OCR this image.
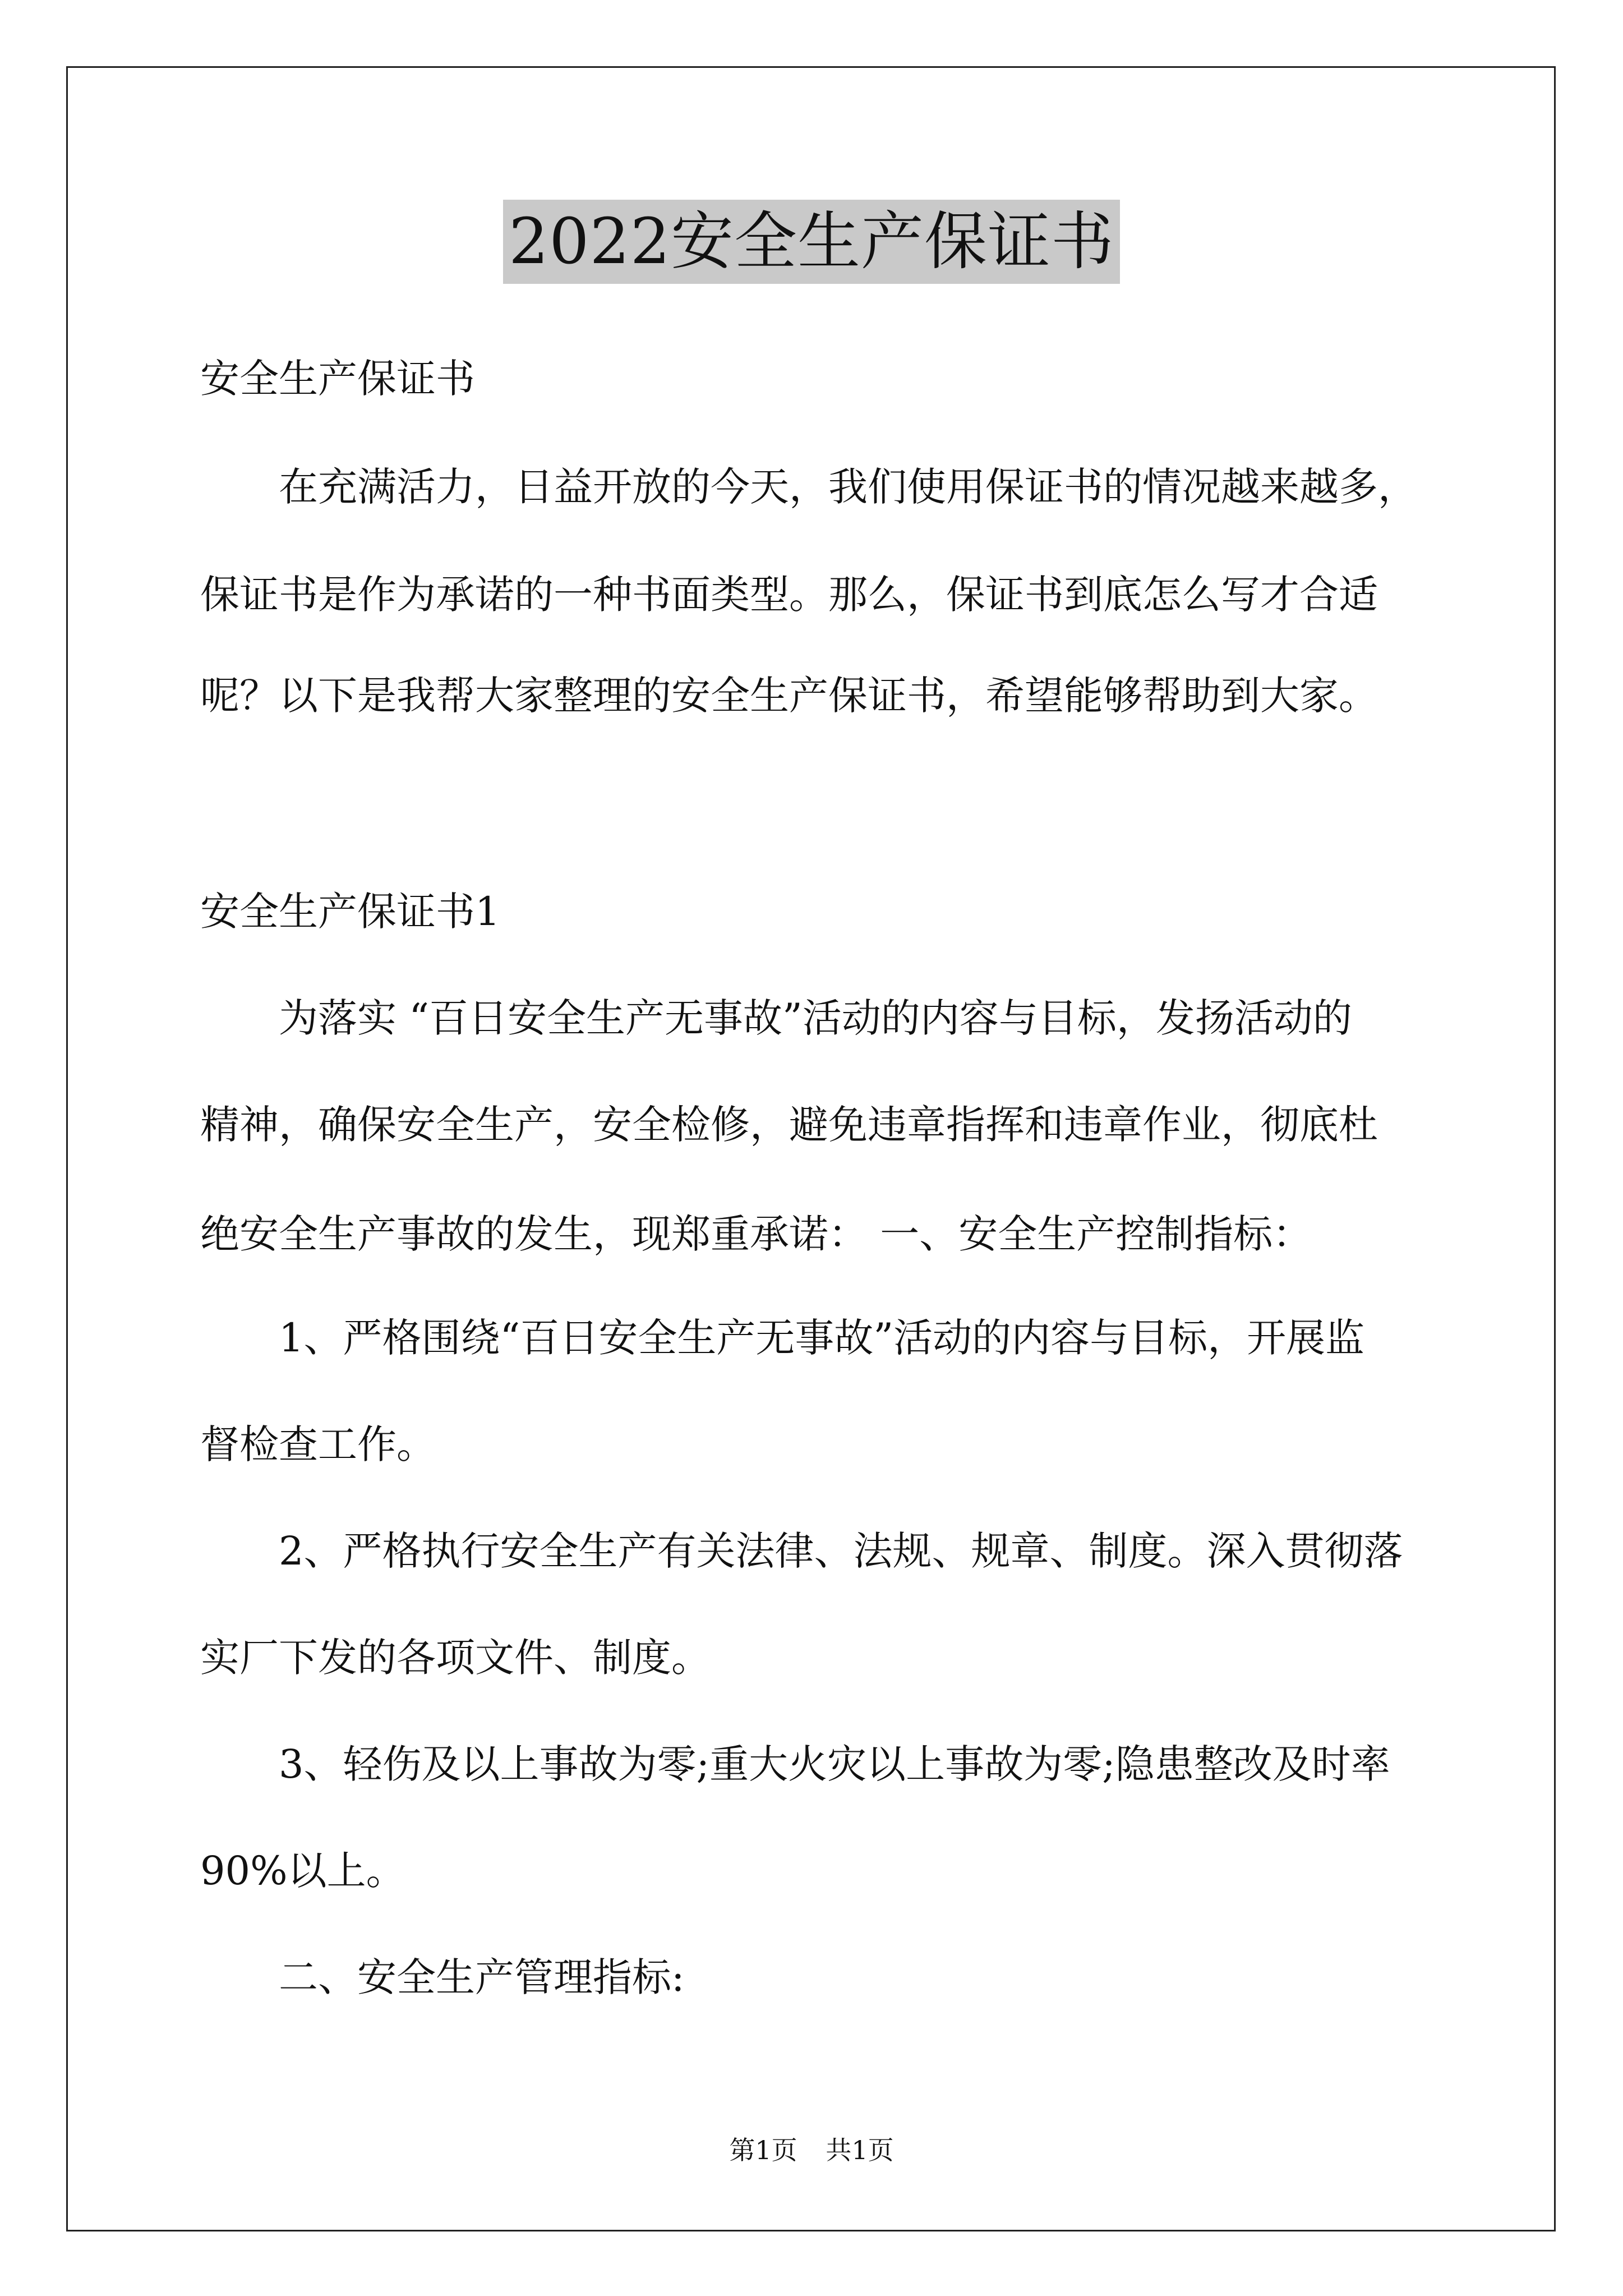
2022安全生产保证书

安全生产保证书

在充满活力，日益开放的今天，我们使用保证书的情况越来越多，

保证书是作为承诺的一种书面类型。那么，保证书到底怎么写才合适

呢？以下是我帮大家整理的安全生产保证书，希望能够帮助到大家。

安全生产保证书1

为落实 “百日安全生产无事故”活动的内容与目标，发扬活动的

精神，确保安全生产，安全检修，避免违章指挥和违章作业，彻底杜

绝安全生产事故的发生，现郑重承诺： 一、安全生产控制指标：

1、严格围绕“百日安全生产无事故”活动的内容与目标，开展监

督检查工作。

2、严格执行安全生产有关法律、法规、规章、制度。深入贯彻落

实厂下发的各项文件、制度。

3、轻伤及以上事故为零;重大火灾以上事故为零;隐患整改及时率

90%以上。

二、安全生产管理指标:

第1页 共1页
